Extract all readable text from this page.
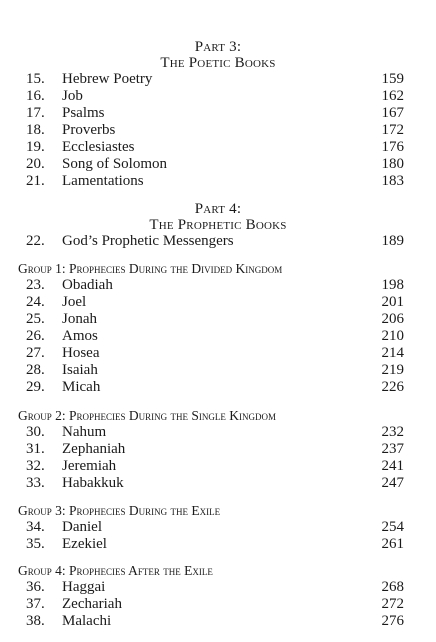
Part 3:
The Poetic Books
15.	Hebrew Poetry	159
16.	Job	162
17.	Psalms	167
18.	Proverbs	172
19.	Ecclesiastes	176
20.	Song of Solomon	180
21.	Lamentations	183
Part 4:
The Prophetic Books
22.	God’s Prophetic Messengers	189
Group 1: Prophecies During the Divided Kingdom
23.	Obadiah	198
24.	Joel	201
25.	Jonah	206
26.	Amos	210
27.	Hosea	214
28.	Isaiah	219
29.	Micah	226
Group 2: Prophecies During the Single Kingdom
30.	Nahum	232
31.	Zephaniah	237
32.	Jeremiah	241
33.	Habakkuk	247
Group 3: Prophecies During the Exile
34.	Daniel	254
35.	Ezekiel	261
Group 4: Prophecies After the Exile
36.	Haggai	268
37.	Zechariah	272
38.	Malachi	276
